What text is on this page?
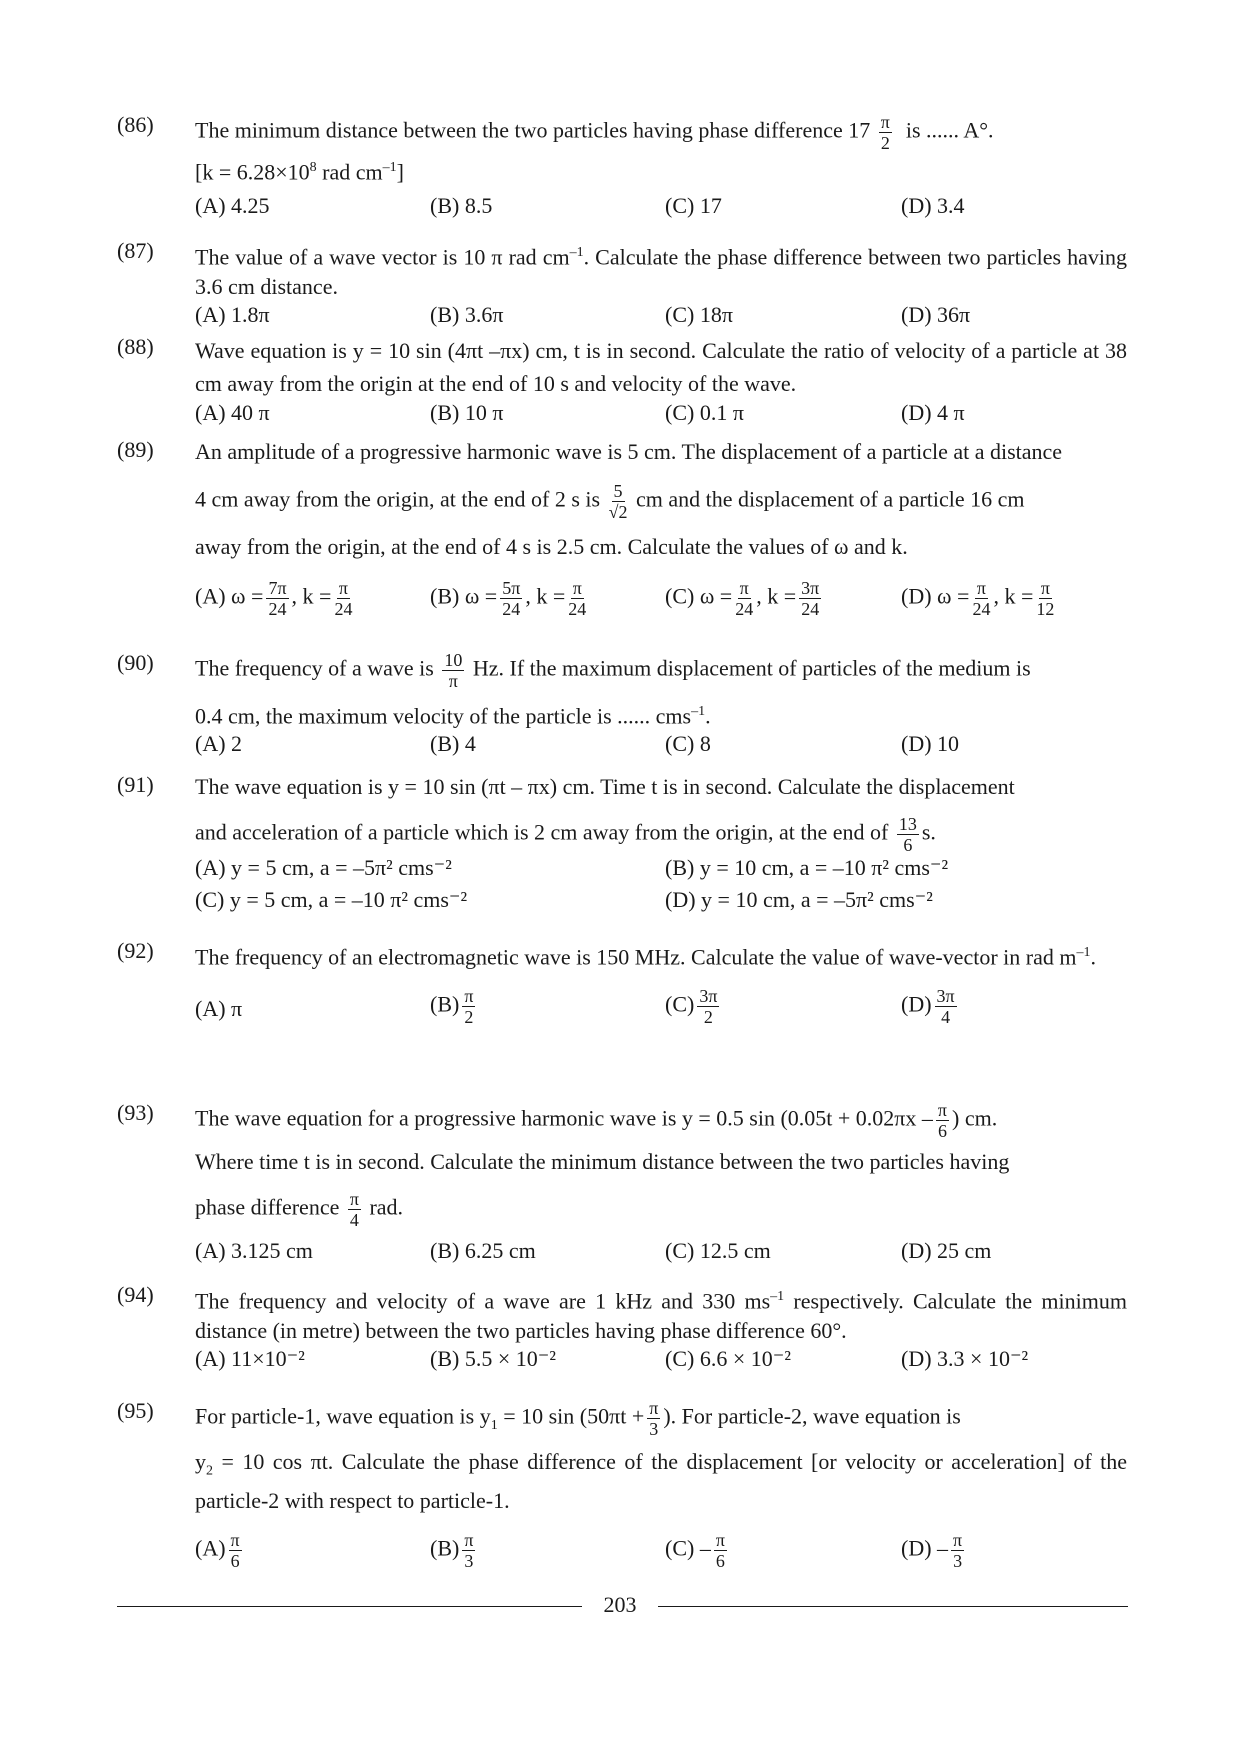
(86)	The minimum distance between the two particles having phase difference $17 \frac{\pi}{2}$ is ...... A°.
[$k = 6.28\times 10^8$ rad $cm^{-1}$]
(A) 4.25	(B) 8.5	(C) 17	(D) 3.4
(87)	The value of a wave vector is 10 π rad $cm^{-1}$. Calculate the phase difference between two particles having 3.6 cm distance.
(A) 1.8π	(B) 3.6π	(C) 18π	(D) 36π
(88)	Wave equation is y = 10 sin (4πt –πx) cm, t is in second. Calculate the ratio of velocity of a particle at 38 cm away from the origin at the end of 10 s and velocity of the wave.
(A) 40 π	(B) 10 π	(C) 0.1 π	(D) 4 π
(89)	An amplitude of a progressive harmonic wave is 5 cm. The displacement of a particle at a distance
4 cm away from the origin, at the end of 2 s is $\frac{5}{√2}$ cm and the displacement of a particle 16 cm
away from the origin, at the end of 4 s is 2.5 cm. Calculate the values of ω and k.
(A) $\omega = \frac{7\pi}{24}$ , $k = \frac{\pi}{24}$	(B) $\omega = \frac{5\pi}{24}$ , $k = \frac{\pi}{24}$	(C) $\omega = \frac{\pi}{24}$ , $k = \frac{3\pi}{24}$	(D) $\omega = \frac{\pi}{24}$ , $k = \frac{\pi}{12}$
(90)	The frequency of a wave is $\frac{10}{\pi} Hz$. If the maximum displacement of particles of the medium is
0.4 cm, the maximum velocity of the particle is ...... cms$^{-1}$.
(A) 2	(B) 4	(C) 8	(D) 10
(91)	The wave equation is y = 10 sin (πt – πx) cm. Time t is in second. Calculate the displacement
and acceleration of a particle which is 2 cm away from the origin, at the end of $\frac{13}{6} s$.
(A) y = 5 cm, a = –5π² cms⁻²	(B) y = 10 cm, a = –10 π² cms⁻²
(C) y = 5 cm, a = –10 π² cms⁻²	(D) y = 10 cm, a = –5π² cms⁻²
(92)	The frequency of an electromagnetic wave is 150 MHz. Calculate the value of wave-vector in rad $m^{-1}$.
(A) π	$(B) \frac{\pi}{2}$	$(C) \frac{3\pi}{2}$	$(D) \frac{3\pi}{4}$
(93)	The wave equation for a progressive harmonic wave is y = 0.5 $\sin (0.05t + 0.02\pi x - \frac{\pi}{6}$ ) cm.
Where time t is in second. Calculate the minimum distance between the two particles having
phase difference $\frac{\pi}{4}$ rad.
(A) 3.125 cm	(B) 6.25 cm	(C) 12.5 cm	(D) 25 cm
(94)	The frequency and velocity of a wave are 1 kHz and 330 $ms^{-1}$ respectively. Calculate the minimum distance (in metre) between the two particles having phase difference 60°.
(A) 11×10⁻²	(B) 5.5 × 10⁻²	(C) 6.6 × 10⁻²	(D) 3.3 × 10⁻²
(95)	For particle-1, wave equation is $y_1 = 10$ $\sin (50\pi t + \frac{\pi}{3}$ ). For particle-2, wave equation is
$y_2 = 10$ cos πt. Calculate the phase difference of the displacement [or velocity or acceleration] of the particle-2 with respect to particle-1.
$(A) \frac{\pi}{6}$	$(B) \frac{\pi}{3}$	$(C) - \frac{\pi}{6}$	$(D) - \frac{\pi}{3}$
203
